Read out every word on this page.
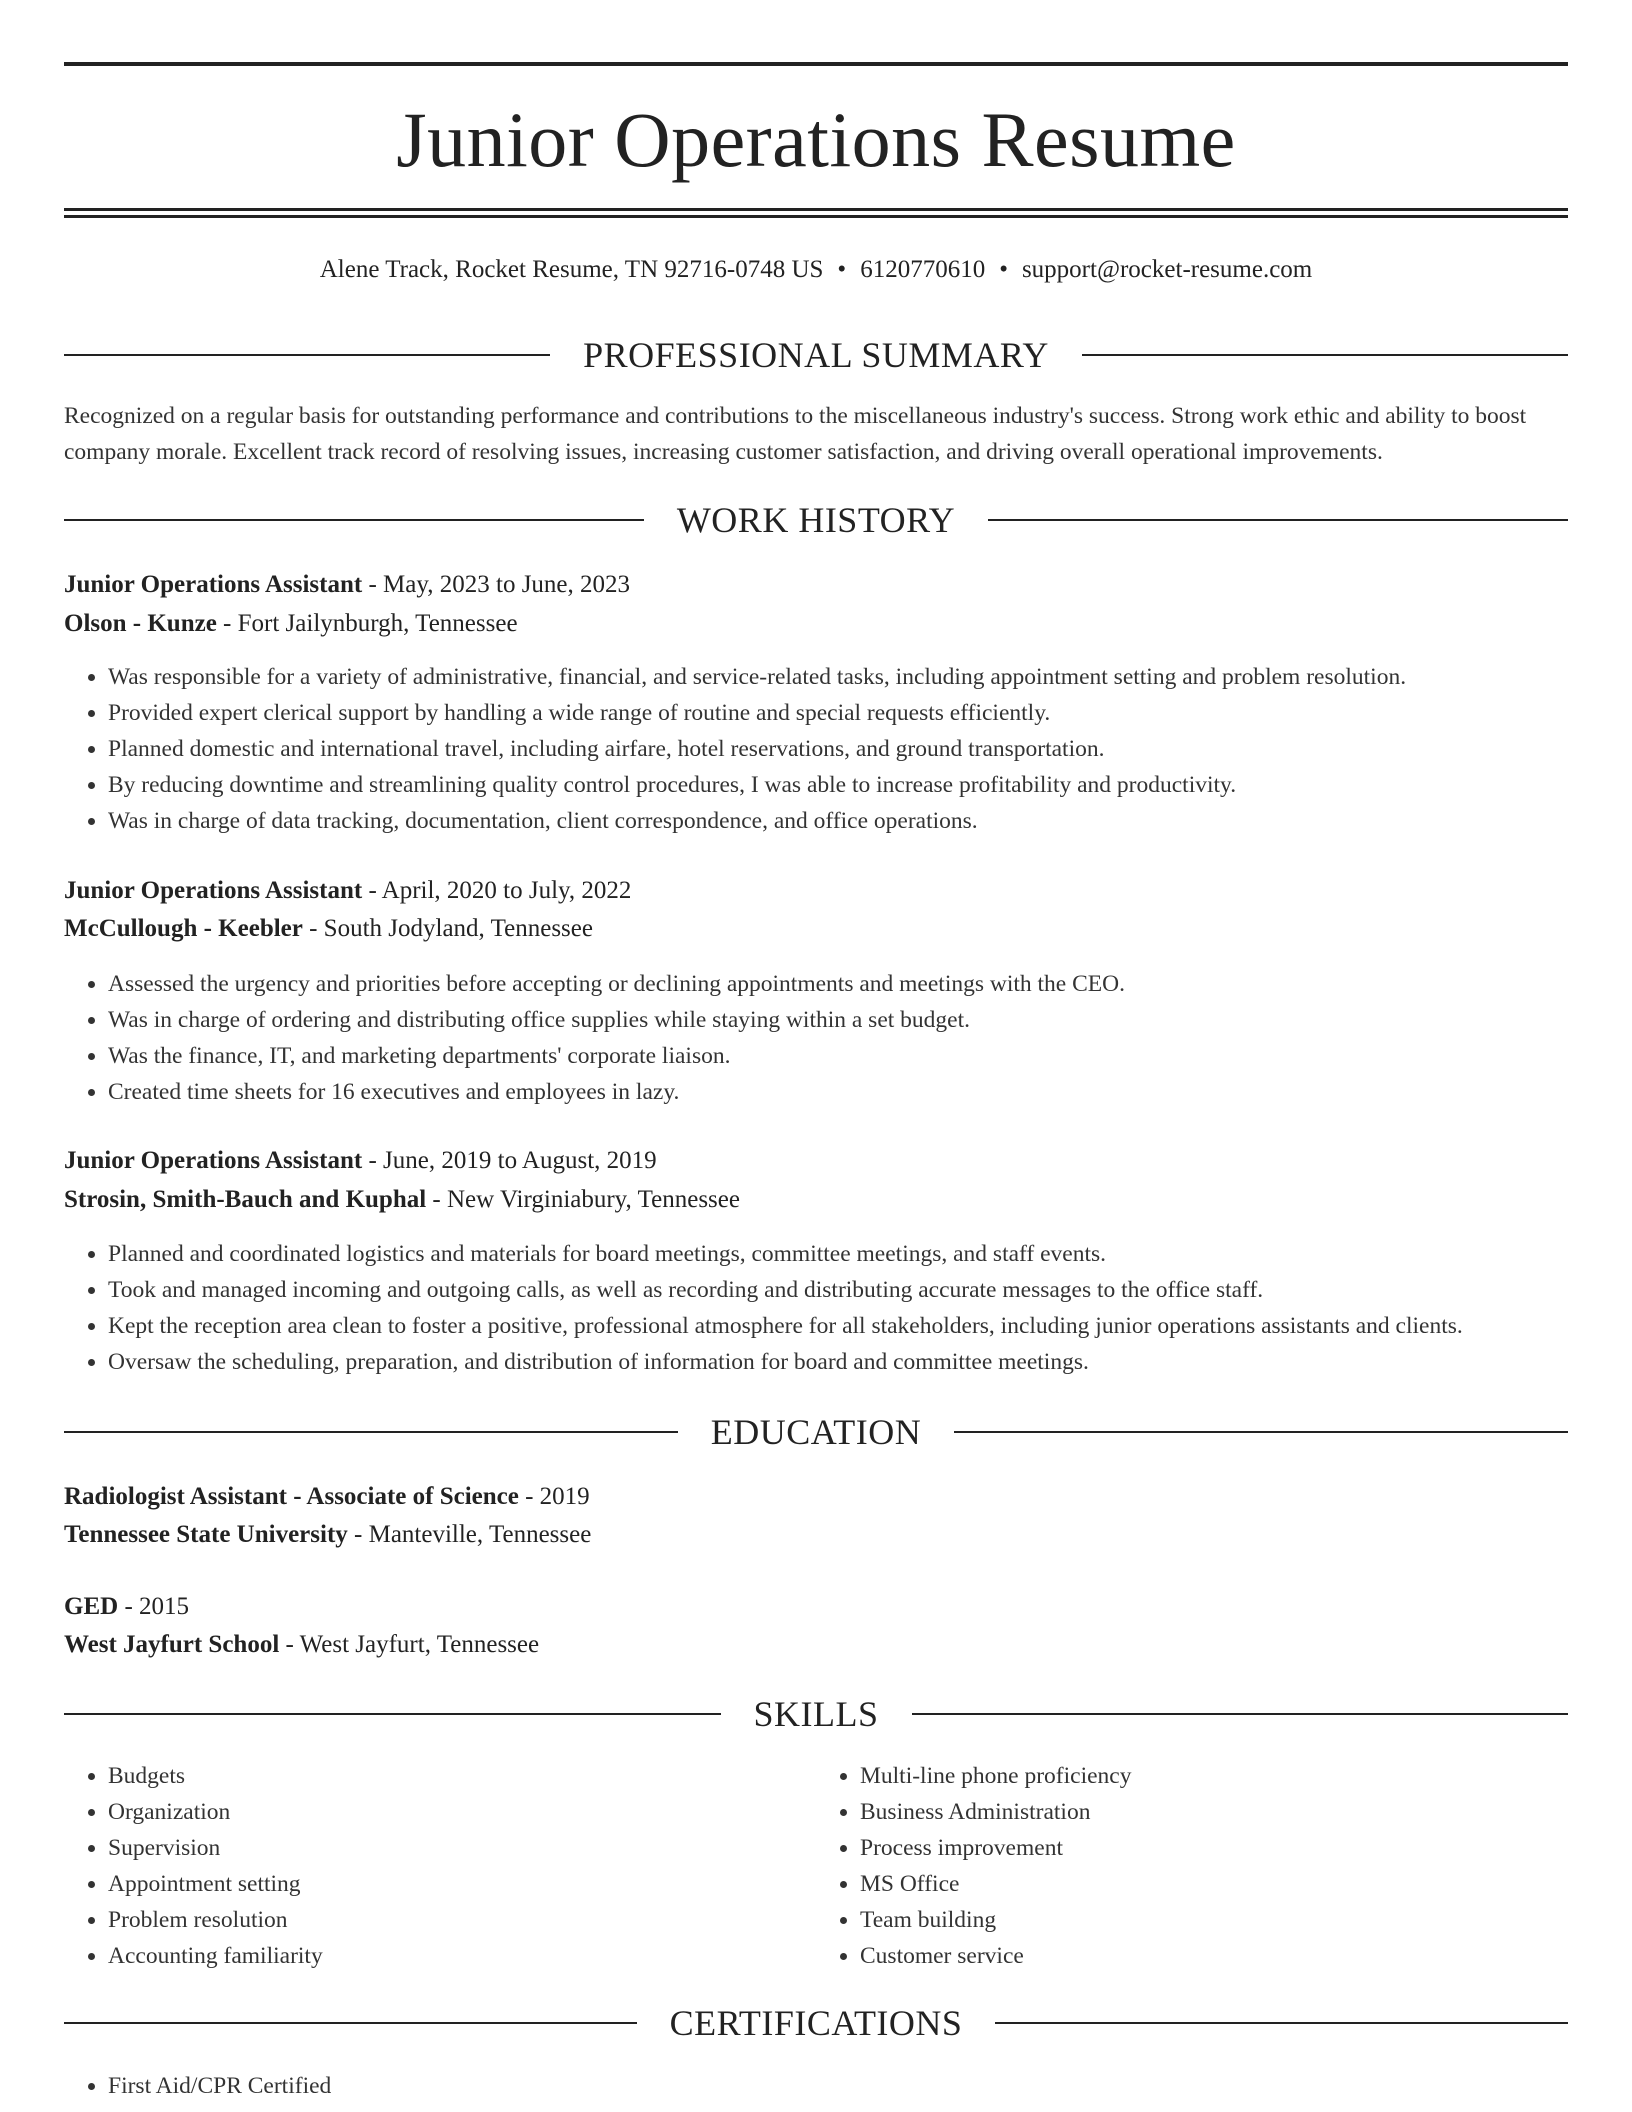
Junior Operations Resume
Alene Track, Rocket Resume, TN 92716-0748 US • 6120770610 • support@rocket-resume.com
PROFESSIONAL SUMMARY
Recognized on a regular basis for outstanding performance and contributions to the miscellaneous industry's success. Strong work ethic and ability to boost company morale. Excellent track record of resolving issues, increasing customer satisfaction, and driving overall operational improvements.
WORK HISTORY
Junior Operations Assistant - May, 2023 to June, 2023
Olson - Kunze - Fort Jailynburgh, Tennessee
• Was responsible for a variety of administrative, financial, and service-related tasks, including appointment setting and problem resolution.
• Provided expert clerical support by handling a wide range of routine and special requests efficiently.
• Planned domestic and international travel, including airfare, hotel reservations, and ground transportation.
• By reducing downtime and streamlining quality control procedures, I was able to increase profitability and productivity.
• Was in charge of data tracking, documentation, client correspondence, and office operations.
Junior Operations Assistant - April, 2020 to July, 2022
McCullough - Keebler - South Jodyland, Tennessee
• Assessed the urgency and priorities before accepting or declining appointments and meetings with the CEO.
• Was in charge of ordering and distributing office supplies while staying within a set budget.
• Was the finance, IT, and marketing departments' corporate liaison.
• Created time sheets for 16 executives and employees in lazy.
Junior Operations Assistant - June, 2019 to August, 2019
Strosin, Smith-Bauch and Kuphal - New Virginiabury, Tennessee
• Planned and coordinated logistics and materials for board meetings, committee meetings, and staff events.
• Took and managed incoming and outgoing calls, as well as recording and distributing accurate messages to the office staff.
• Kept the reception area clean to foster a positive, professional atmosphere for all stakeholders, including junior operations assistants and clients.
• Oversaw the scheduling, preparation, and distribution of information for board and committee meetings.
EDUCATION
Radiologist Assistant - Associate of Science - 2019
Tennessee State University - Manteville, Tennessee
GED - 2015
West Jayfurt School - West Jayfurt, Tennessee
SKILLS
• Budgets
• Organization
• Supervision
• Appointment setting
• Problem resolution
• Accounting familiarity
• Multi-line phone proficiency
• Business Administration
• Process improvement
• MS Office
• Team building
• Customer service
CERTIFICATIONS
• First Aid/CPR Certified
